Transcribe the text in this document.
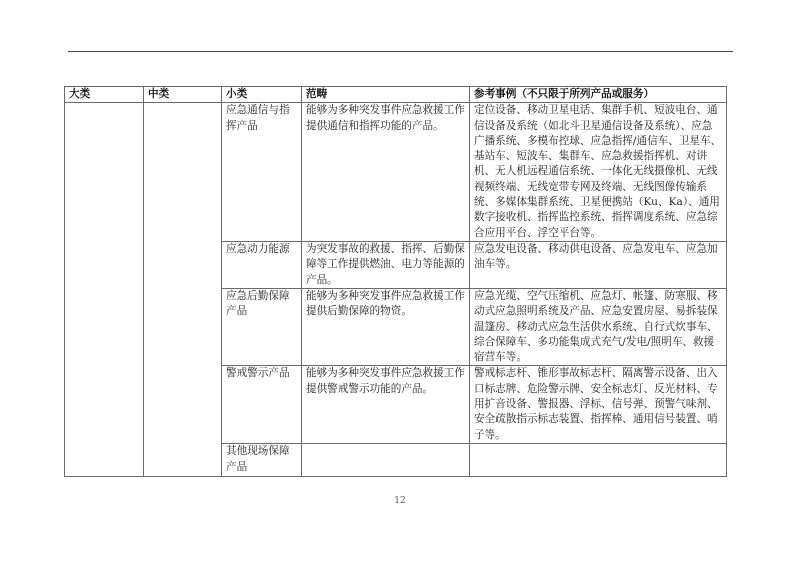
大类	中类	小类	范畴	参考事例（不只限于所列产品或服务）
		应急通信与指挥产品	能够为多种突发事件应急救援工作提供通信和指挥功能的产品。	定位设备、移动卫星电话、集群手机、短波电台、通信设备及系统（如北斗卫星通信设备及系统）、应急广播系统、多模布控球、应急指挥/通信车、卫星车、基站车、短波车、集群车、应急救援指挥机、对讲机、无人机远程通信系统、一体化无线摄像机、无线视频终端、无线宽带专网及终端、无线图像传输系统、多媒体集群系统、卫星便携站（Ku、Ka）、通用数字接收机、指挥监控系统、指挥调度系统、应急综合应用平台、浮空平台等。
		应急动力能源	为突发事故的救援、指挥、后勤保障等工作提供燃油、电力等能源的产品。	应急发电设备、移动供电设备、应急发电车、应急加油车等。
		应急后勤保障产品	能够为多种突发事件应急救援工作提供后勤保障的物资。	应急光缆、空气压缩机、应急灯、帐篷、防寒服、移动式应急照明系统及产品、应急安置房屋、易拆装保温篷房、移动式应急生活供水系统、自行式炊事车、综合保障车、多功能集成式充气/发电/照明车、救援宿营车等。
		警戒警示产品	能够为多种突发事件应急救援工作提供警戒警示功能的产品。	警戒标志杆、锥形事故标志杆、隔离警示设备、出入口标志牌、危险警示牌、安全标志灯、反光材料、专用扩音设备、警报器、浮标、信号弹、预警气味剂、安全疏散指示标志装置、指挥棒、通用信号装置、哨子等。
		其他现场保障产品		
12
